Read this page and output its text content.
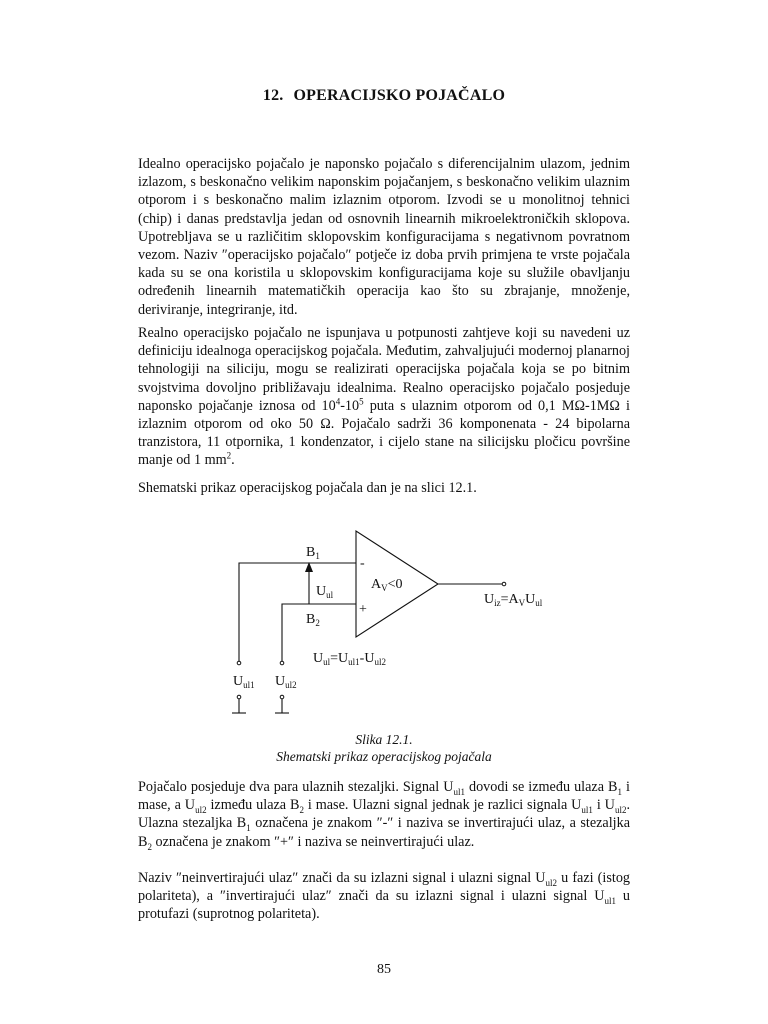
12. OPERACIJSKO POJAČALO

Idealno operacijsko pojačalo je naponsko pojačalo s diferencijalnim ulazom, jednim izlazom, s beskonačno velikim naponskim pojačanjem, s beskonačno velikim ulaznim otporom i s beskonačno malim izlaznim otporom. Izvodi se u monolitnoj tehnici (chip) i danas predstavlja jedan od osnovnih linearnih mikroelektroničkih sklopova. Upotrebljava se u različitim sklopovskim konfiguracijama s negativnom povratnom vezom. Naziv ″operacijsko pojačalo″ potječe iz doba prvih primjena te vrste pojačala kada su se ona koristila u sklopovskim konfiguracijama koje su služile obavljanju određenih linearnih matematičkih operacija kao što su zbrajanje, množenje, deriviranje, integriranje, itd.

Realno operacijsko pojačalo ne ispunjava u potpunosti zahtjeve koji su navedeni uz definiciju idealnoga operacijskog pojačala. Međutim, zahvaljujući modernoj planarnoj tehnologiji na siliciju, mogu se realizirati operacijska pojačala koja se po bitnim svojstvima dovoljno približavaju idealnima. Realno operacijsko pojačalo posjeduje naponsko pojačanje iznosa od $10^4-10^5$ puta s ulaznim otporom od 0,1 MΩ-1MΩ i izlaznim otporom od oko 50 Ω. Pojačalo sadrži 36 komponenata - 24 bipolarna tranzistora, 11 otpornika, 1 kondenzator, i cijelo stane na silicijsku pločicu površine manje od 1 $mm^2$.

Shematski prikaz operacijskog pojačala dan je na slici 12.1.

$B_1$
$B_2$
-
+
$A_V<0$
$U_{ul}$	$U_{iz}=A_VU_{ul}$
$U_{ul}=U_{ul1}-U_{ul2}$
$U_{ul1}$ $U_{ul2}$
Slika 12.1.
Shematski prikaz operacijskog pojačala

Pojačalo posjeduje dva para ulaznih stezaljki. Signal $U_{ul1}$ dovodi se između ulaza $B_1$ i mase, a $U_{ul2}$ između ulaza $B_2$ i mase. Ulazni signal jednak je razlici signala $U_{ul1}$ i $U_{ul2}$. Ulazna stezaljka $B_1$ označena je znakom ″-″ i naziva se invertirajući ulaz, a stezaljka $B_2$ označena je znakom ″+″ i naziva se neinvertirajući ulaz.

Naziv ″neinvertirajući ulaz″ znači da su izlazni signal i ulazni signal $U_{ul2}$ u fazi (istog polariteta), a ″invertirajući ulaz″ znači da su izlazni signal i ulazni signal $U_{ul1}$ u protufazi (suprotnog polariteta).

85
